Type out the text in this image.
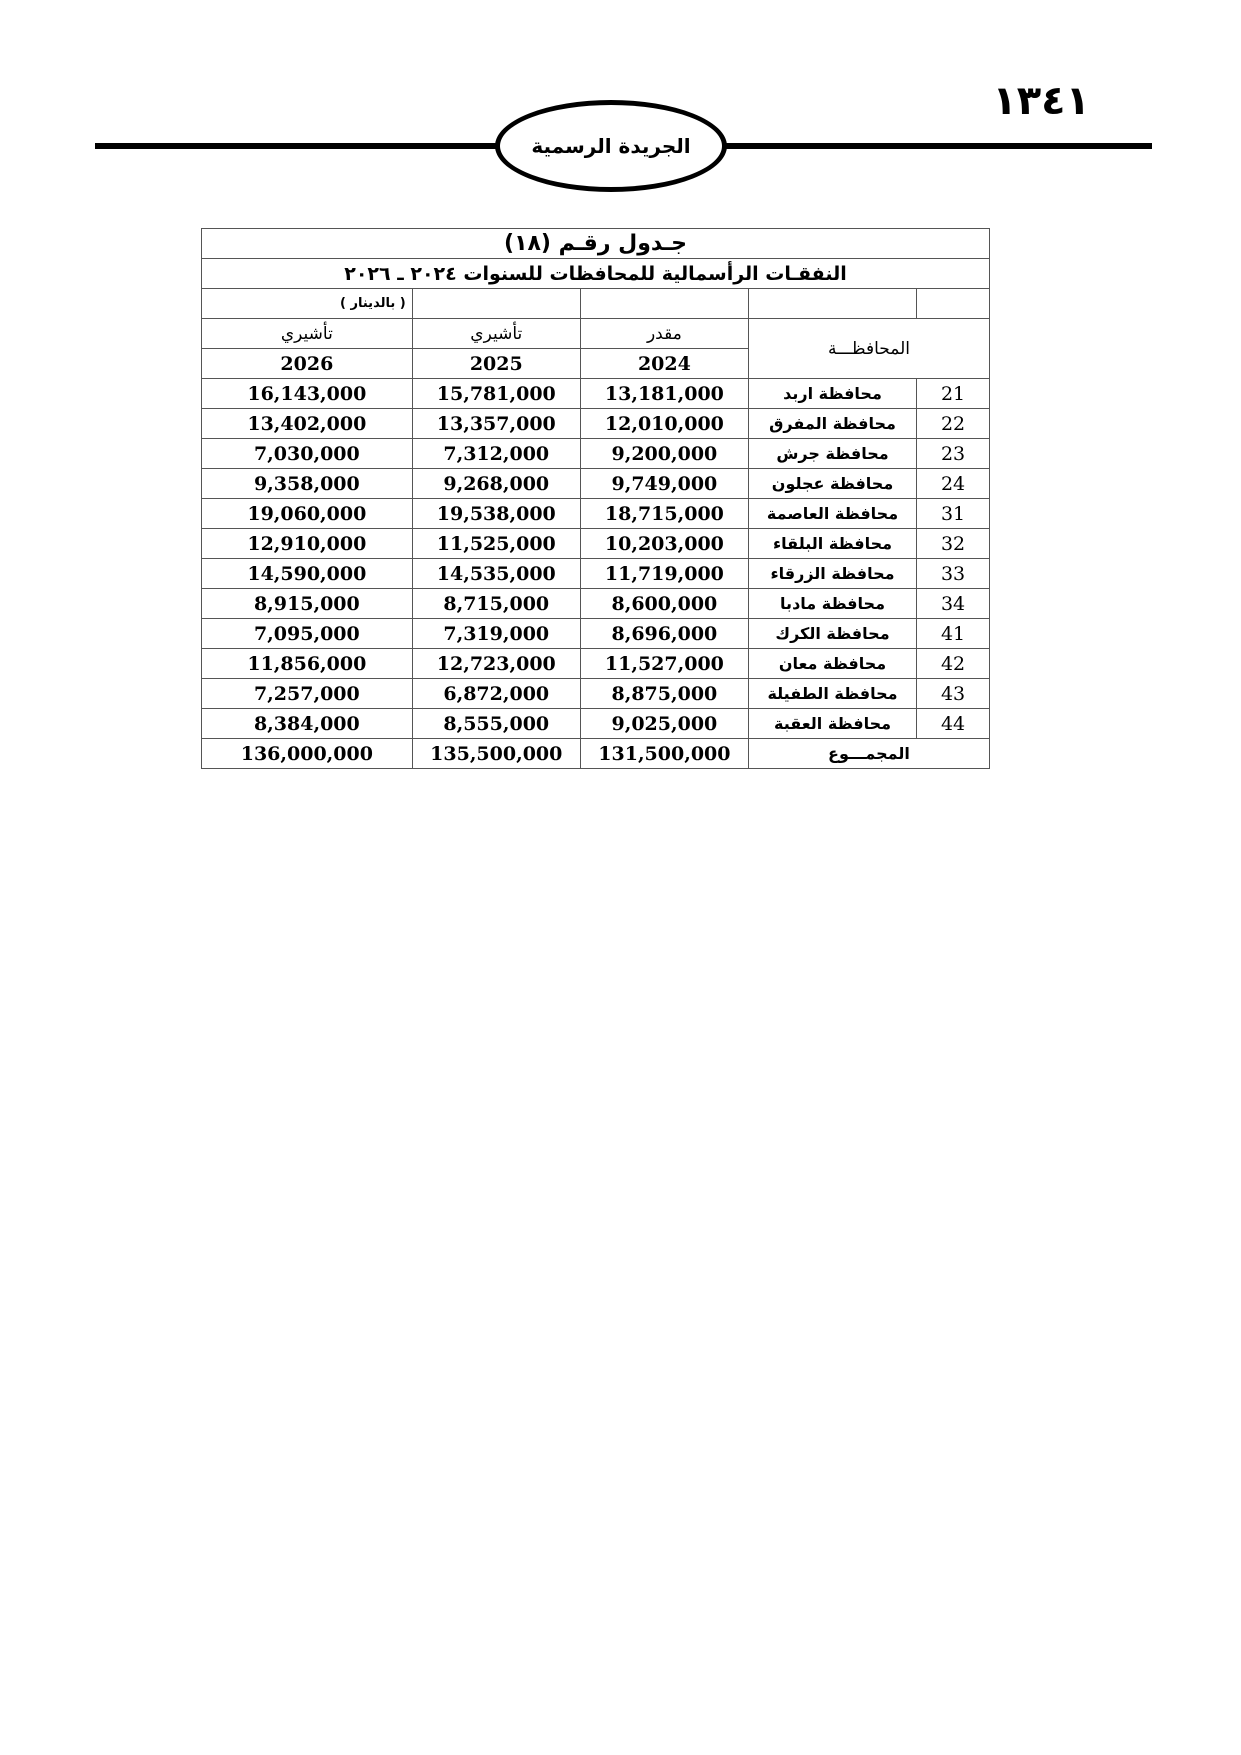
١٣٤١
الجريدة الرسمية
جـدول رقـم (١٨)				
النفقـات الرأسمالية للمحافظات للسنوات ٢٠٢٤ ـ ٢٠٢٦				

				( بالدينار )

المحافظـــة		مقدر	تأشيري	تأشيري
		2024	2025	2026
21	محافظة اربد	13,181,000	15,781,000	16,143,000
22	محافظة المفرق	12,010,000	13,357,000	13,402,000
23	محافظة جرش	9,200,000	7,312,000	7,030,000
24	محافظة عجلون	9,749,000	9,268,000	9,358,000
31	محافظة العاصمة	18,715,000	19,538,000	19,060,000
32	محافظة البلقاء	10,203,000	11,525,000	12,910,000
33	محافظة الزرقاء	11,719,000	14,535,000	14,590,000
34	محافظة مادبا	8,600,000	8,715,000	8,915,000
41	محافظة الكرك	8,696,000	7,319,000	7,095,000
42	محافظة معان	11,527,000	12,723,000	11,856,000
43	محافظة الطفيلة	8,875,000	6,872,000	7,257,000
44	محافظة العقبة	9,025,000	8,555,000	8,384,000
المجمـــوع		131,500,000	135,500,000	136,000,000
